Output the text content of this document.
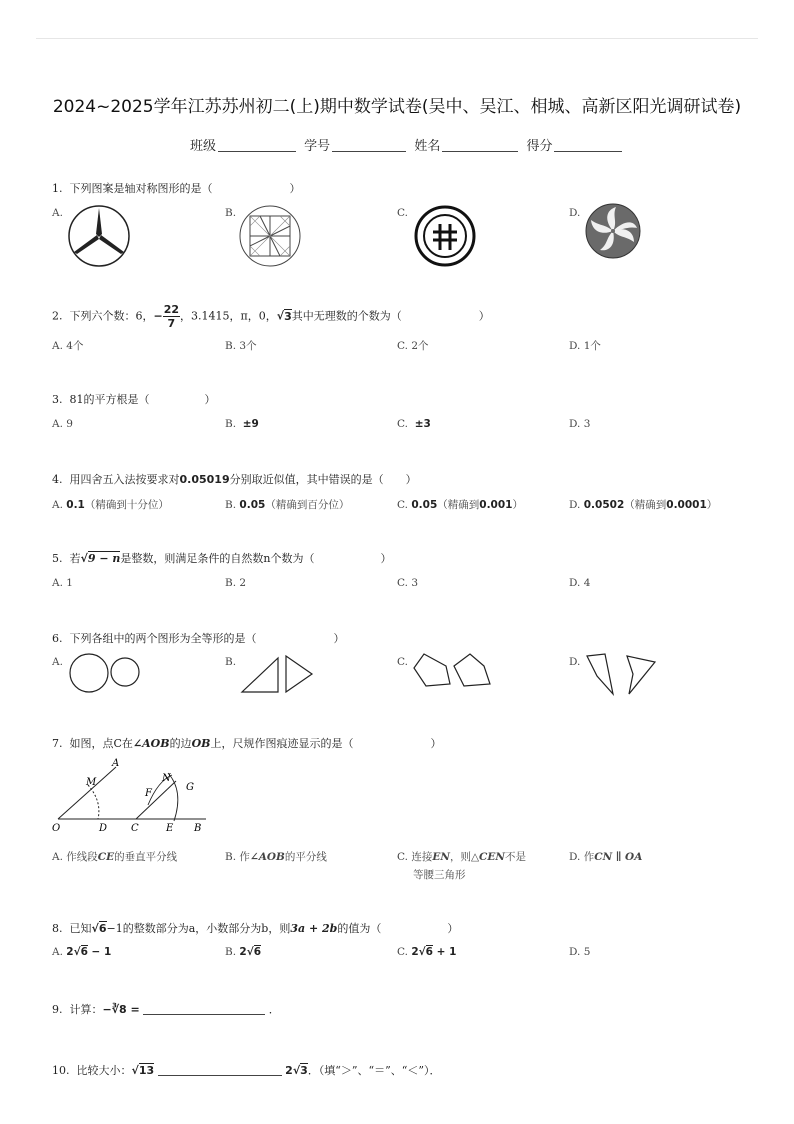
2024~2025学年江苏苏州初二(上)期中数学试卷(吴中、吴江、相城、高新区阳光调研试卷)
班级	学号	姓名	得分
1. 下列图案是轴对称图形的是（　　　　　　　）
A.	B.	C.	D.
2. 下列六个数：6，− $\frac{22}{7}$ ，3.1415，π，0，√3其中无理数的个数为（　　　　　　　）
A. 4个	B. 3个	C. 2个	D. 1个
3. 81的平方根是（　　　　　）
A. 9	B. ±9	C. ±3	D. 3
4. 用四舍五入法按要求对0.05019分别取近似值，其中错误的是（　　）
A. 0.1（精确到十分位）	B. 0.05（精确到百分位）	C. 0.05（精确到0.001）	D. 0.0502（精确到0.0001）
5. 若√9 − n是整数，则满足条件的自然数n个数为（　　　　　　）
A. 1	B. 2	C. 3	D. 4
6. 下列各组中的两个图形为全等形的是（　　　　　　　）
A.	B.	C.	D.
7. 如图，点C在∠AOB的边OB上，尺规作图痕迹显示的是（　　　　　　　）
A
M	N
G
F
O	D C	E B
A. 作线段CE的垂直平分线	B. 作∠AOB的平分线	C. 连接EN，则△CEN不是
等腰三角形
D. 作CN ∥ OA
8. 已知√6−1的整数部分为a，小数部分为b，则3a + 2b的值为（　　　　　　）
A. 2√6 − 1	B. 2√6	C. 2√6 + 1	D. 5
9. 计算：−∛8 =	．
10. 比较大小：√13	2√3．（填“＞”、“＝”、“＜”）．
